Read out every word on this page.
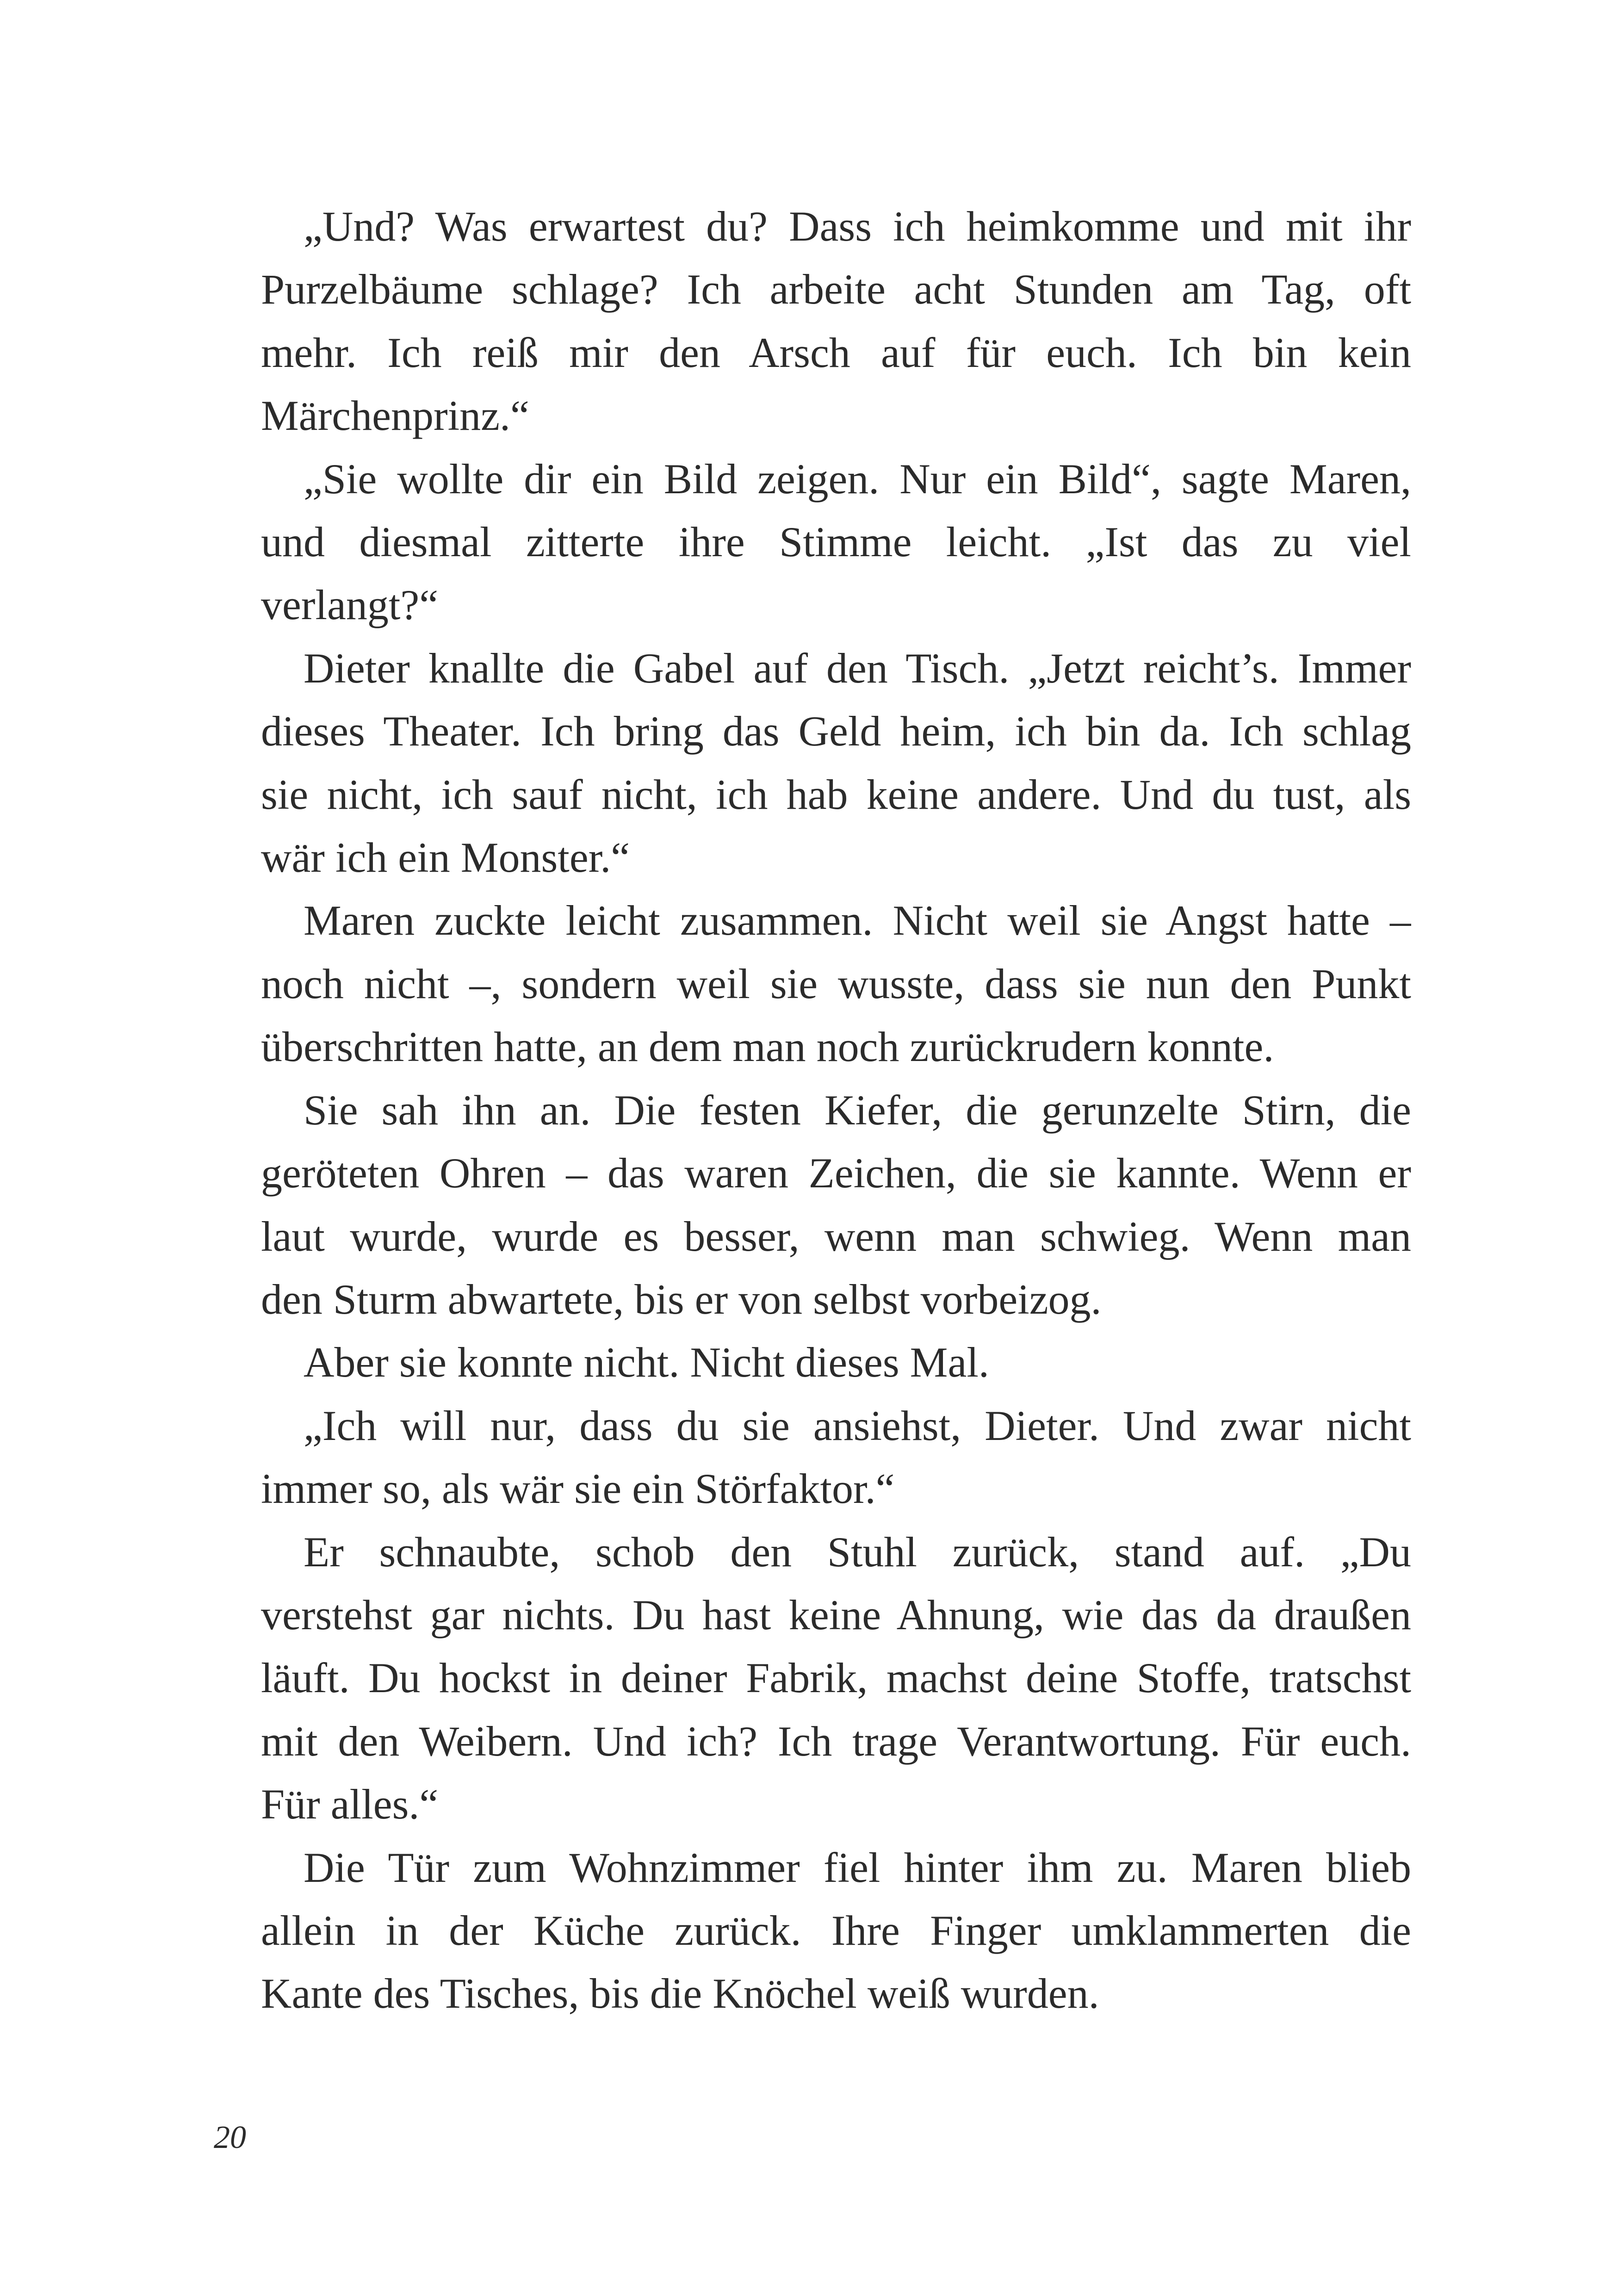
„Und? Was erwartest du? Dass ich heimkomme und mit ihr
Purzelbäume schlage? Ich arbeite acht Stunden am Tag, oft
mehr. Ich reiß mir den Arsch auf für euch. Ich bin kein
Märchenprinz.“
„Sie wollte dir ein Bild zeigen. Nur ein Bild“, sagte Maren,
und diesmal zitterte ihre Stimme leicht. „Ist das zu viel
verlangt?“
Dieter knallte die Gabel auf den Tisch. „Jetzt reicht’s. Immer
dieses Theater. Ich bring das Geld heim, ich bin da. Ich schlag
sie nicht, ich sauf nicht, ich hab keine andere. Und du tust, als
wär ich ein Monster.“
Maren zuckte leicht zusammen. Nicht weil sie Angst hatte –
noch nicht –, sondern weil sie wusste, dass sie nun den Punkt
überschritten hatte, an dem man noch zurückrudern konnte.
Sie sah ihn an. Die festen Kiefer, die gerunzelte Stirn, die
geröteten Ohren – das waren Zeichen, die sie kannte. Wenn er
laut wurde, wurde es besser, wenn man schwieg. Wenn man
den Sturm abwartete, bis er von selbst vorbeizog.
Aber sie konnte nicht. Nicht dieses Mal.
„Ich will nur, dass du sie ansiehst, Dieter. Und zwar nicht
immer so, als wär sie ein Störfaktor.“
Er schnaubte, schob den Stuhl zurück, stand auf. „Du
verstehst gar nichts. Du hast keine Ahnung, wie das da draußen
läuft. Du hockst in deiner Fabrik, machst deine Stoffe, tratschst
mit den Weibern. Und ich? Ich trage Verantwortung. Für euch.
Für alles.“
Die Tür zum Wohnzimmer fiel hinter ihm zu. Maren blieb
allein in der Küche zurück. Ihre Finger umklammerten die
Kante des Tisches, bis die Knöchel weiß wurden.
20
